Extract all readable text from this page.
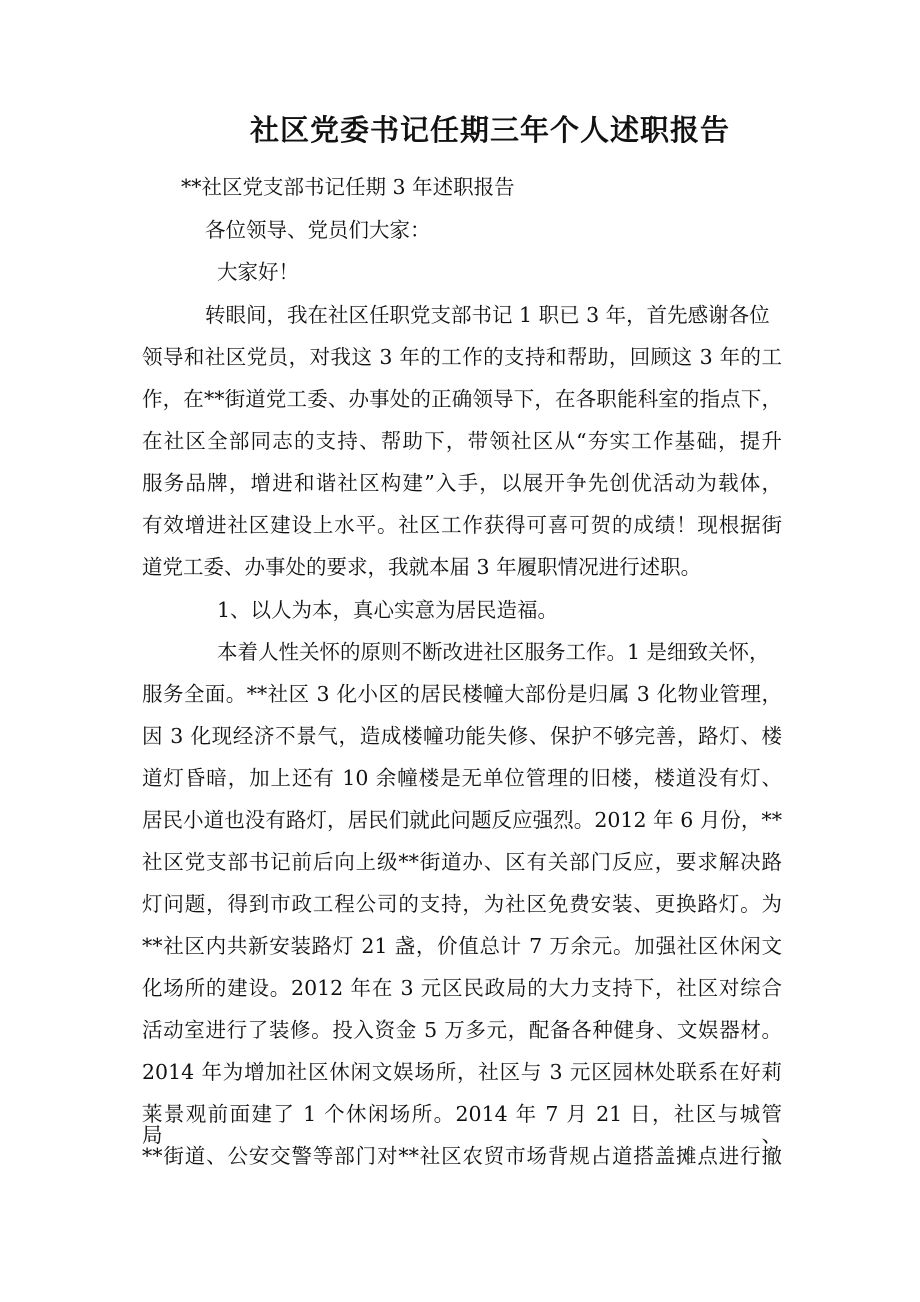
社区党委书记任期三年个人述职报告
**社区党支部书记任期 3 年述职报告
各位领导、党员们大家：
大家好！
转眼间，我在社区任职党支部书记 1 职已 3 年，首先感谢各位
领导和社区党员，对我这 3 年的工作的支持和帮助，回顾这 3 年的工
作，在**街道党工委、办事处的正确领导下，在各职能科室的指点下，
在社区全部同志的支持、帮助下，带领社区从“夯实工作基础，提升
服务品牌，增进和谐社区构建”入手，以展开争先创优活动为载体，
有效增进社区建设上水平。社区工作获得可喜可贺的成绩！现根据街
道党工委、办事处的要求，我就本届 3 年履职情况进行述职。
1、以人为本，真心实意为居民造福。
本着人性关怀的原则不断改进社区服务工作。1 是细致关怀，
服务全面。**社区 3 化小区的居民楼幢大部份是归属 3 化物业管理，
因 3 化现经济不景气，造成楼幢功能失修、保护不够完善，路灯、楼
道灯昏暗，加上还有 10 余幢楼是无单位管理的旧楼，楼道没有灯、
居民小道也没有路灯，居民们就此问题反应强烈。2012 年 6 月份，**
社区党支部书记前后向上级**街道办、区有关部门反应，要求解决路
灯问题，得到市政工程公司的支持，为社区免费安装、更换路灯。为
**社区内共新安装路灯 21 盏，价值总计 7 万余元。加强社区休闲文
化场所的建设。2012 年在 3 元区民政局的大力支持下，社区对综合
活动室进行了装修。投入资金 5 万多元，配备各种健身、文娱器材。
2014 年为增加社区休闲文娱场所，社区与 3 元区园林处联系在好莉
莱景观前面建了 1 个休闲场所。2014 年 7 月 21 日，社区与城管局、
**街道、公安交警等部门对**社区农贸市场背规占道搭盖摊点进行撤
